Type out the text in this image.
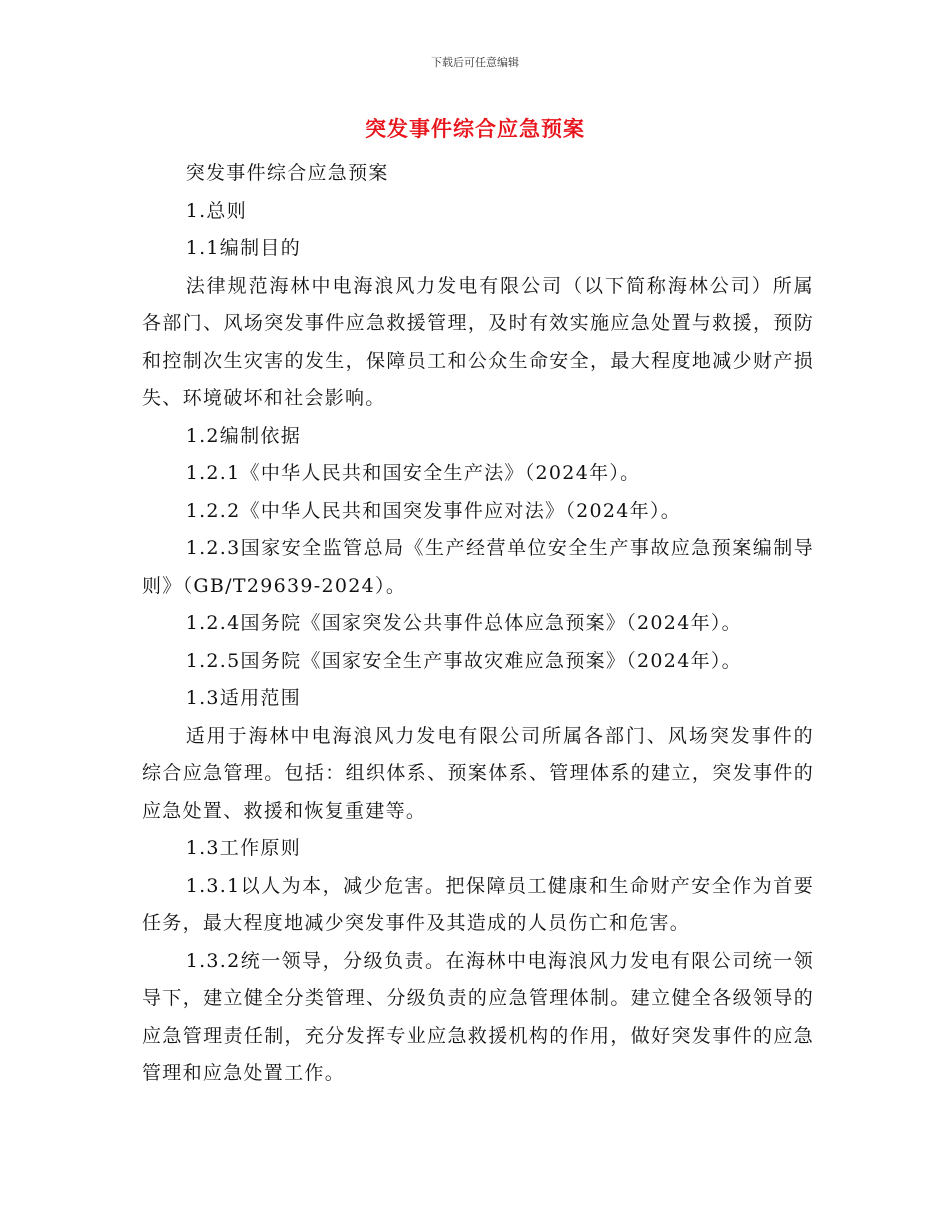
下载后可任意编辑
突发事件综合应急预案

突发事件综合应急预案

1.总则

1.1编制目的

法律规范海林中电海浪风力发电有限公司（以下简称海林公司）所属各部门、风场突发事件应急救援管理，及时有效实施应急处置与救援，预防和控制次生灾害的发生，保障员工和公众生命安全，最大程度地减少财产损失、环境破坏和社会影响。

1.2编制依据

1.2.1《中华人民共和国安全生产法》（2024年）。

1.2.2《中华人民共和国突发事件应对法》（2024年）。

1.2.3国家安全监管总局《生产经营单位安全生产事故应急预案编制导则》（GB/T29639-2024）。

1.2.4国务院《国家突发公共事件总体应急预案》（2024年）。

1.2.5国务院《国家安全生产事故灾难应急预案》（2024年）。

1.3适用范围

适用于海林中电海浪风力发电有限公司所属各部门、风场突发事件的综合应急管理。包括：组织体系、预案体系、管理体系的建立，突发事件的应急处置、救援和恢复重建等。

1.3工作原则

1.3.1以人为本，减少危害。把保障员工健康和生命财产安全作为首要任务，最大程度地减少突发事件及其造成的人员伤亡和危害。

1.3.2统一领导，分级负责。在海林中电海浪风力发电有限公司统一领导下，建立健全分类管理、分级负责的应急管理体制。建立健全各级领导的应急管理责任制，充分发挥专业应急救援机构的作用，做好突发事件的应急管理和应急处置工作。
